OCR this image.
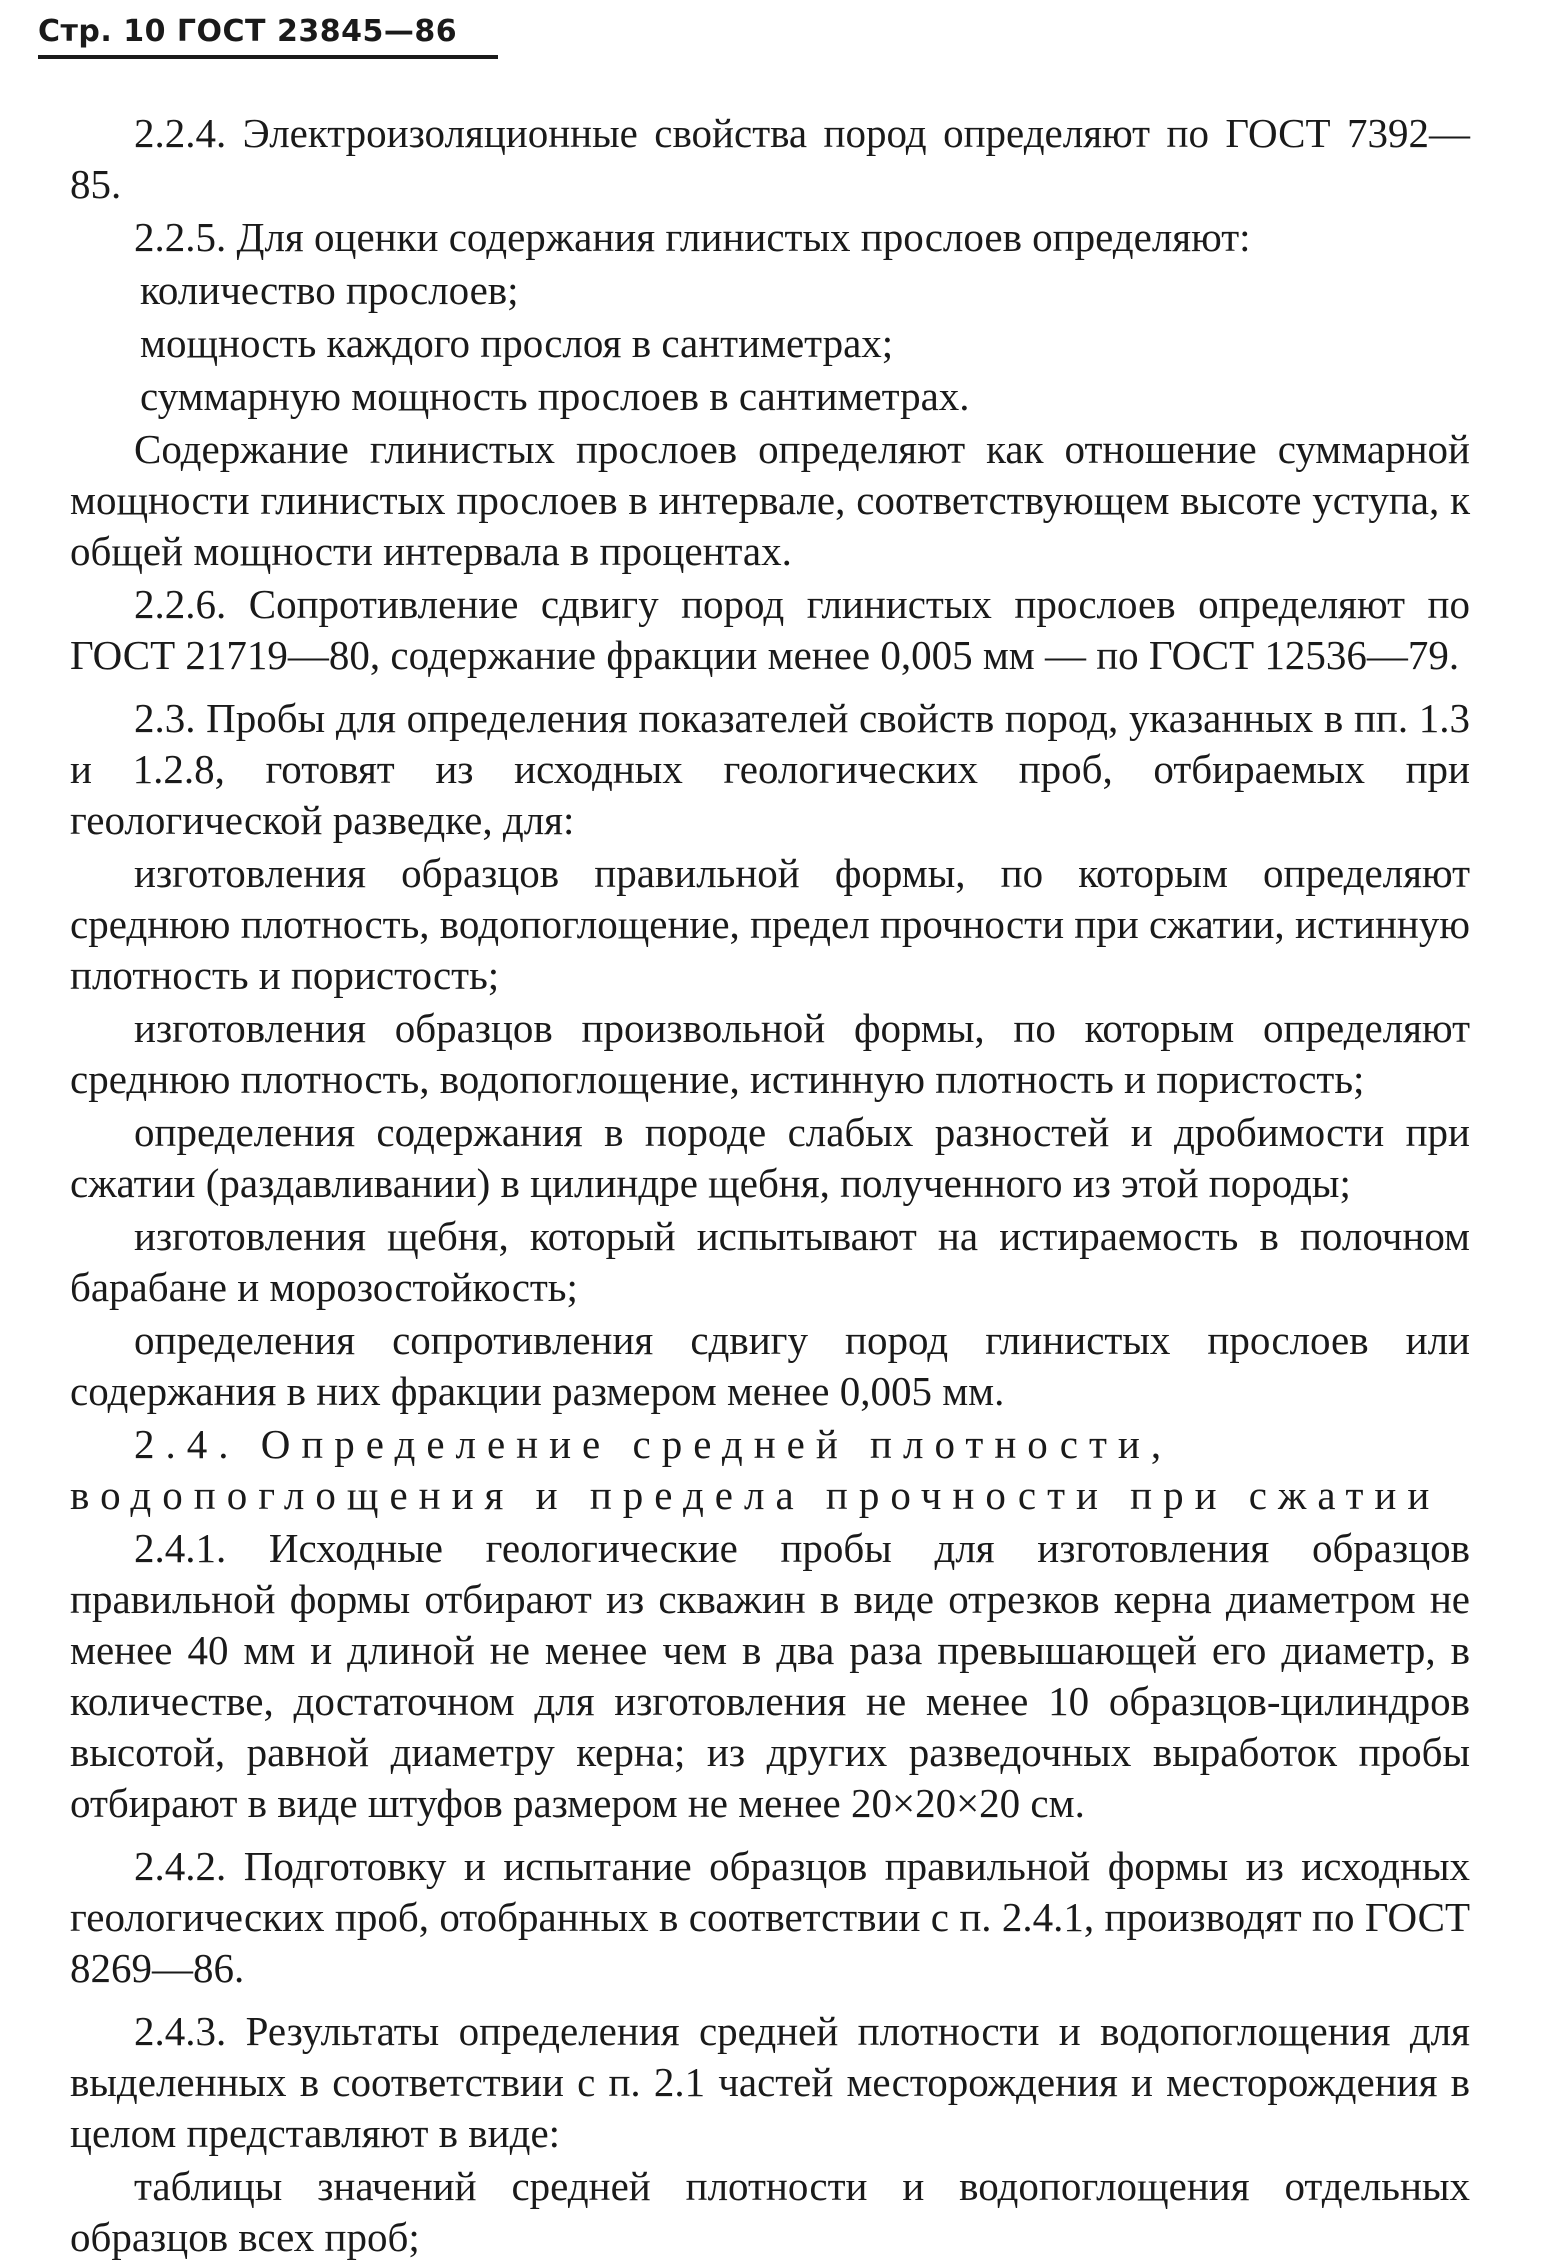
Стр. 10 ГОСТ 23845—86

2.2.4. Электроизоляционные свойства пород определяют по ГОСТ 7392—85.

2.2.5. Для оценки содержания глинистых прослоев определяют:

количество прослоев;

мощность каждого прослоя в сантиметрах;

суммарную мощность прослоев в сантиметрах.

Содержание глинистых прослоев определяют как отношение суммарной мощности глинистых прослоев в интервале, соответствующем высоте уступа, к общей мощности интервала в процентах.

2.2.6. Сопротивление сдвигу пород глинистых прослоев определяют по ГОСТ 21719—80, содержание фракции менее 0,005 мм — по ГОСТ 12536—79.

2.3. Пробы для определения показателей свойств пород, указанных в пп. 1.3 и 1.2.8, готовят из исходных геологических проб, отбираемых при геологической разведке, для:

изготовления образцов правильной формы, по которым определяют среднюю плотность, водопоглощение, предел прочности при сжатии, истинную плотность и пористость;

изготовления образцов произвольной формы, по которым определяют среднюю плотность, водопоглощение, истинную плотность и пористость;

определения содержания в породе слабых разностей и дробимости при сжатии (раздавливании) в цилиндре щебня, полученного из этой породы;

изготовления щебня, который испытывают на истираемость в полочном барабане и морозостойкость;

определения сопротивления сдвигу пород глинистых прослоев или содержания в них фракции размером менее 0,005 мм.

2.4. Определение средней плотности, водопоглощения и предела прочности при сжатии

2.4.1. Исходные геологические пробы для изготовления образцов правильной формы отбирают из скважин в виде отрезков керна диаметром не менее 40 мм и длиной не менее чем в два раза превышающей его диаметр, в количестве, достаточном для изготовления не менее 10 образцов-цилиндров высотой, равной диаметру керна; из других разведочных выработок пробы отбирают в виде штуфов размером не менее 20×20×20 см.

2.4.2. Подготовку и испытание образцов правильной формы из исходных геологических проб, отобранных в соответствии с п. 2.4.1, производят по ГОСТ 8269—86.

2.4.3. Результаты определения средней плотности и водопоглощения для выделенных в соответствии с п. 2.1 частей месторождения и месторождения в целом представляют в виде:

таблицы значений средней плотности и водопоглощения отдельных образцов всех проб;
